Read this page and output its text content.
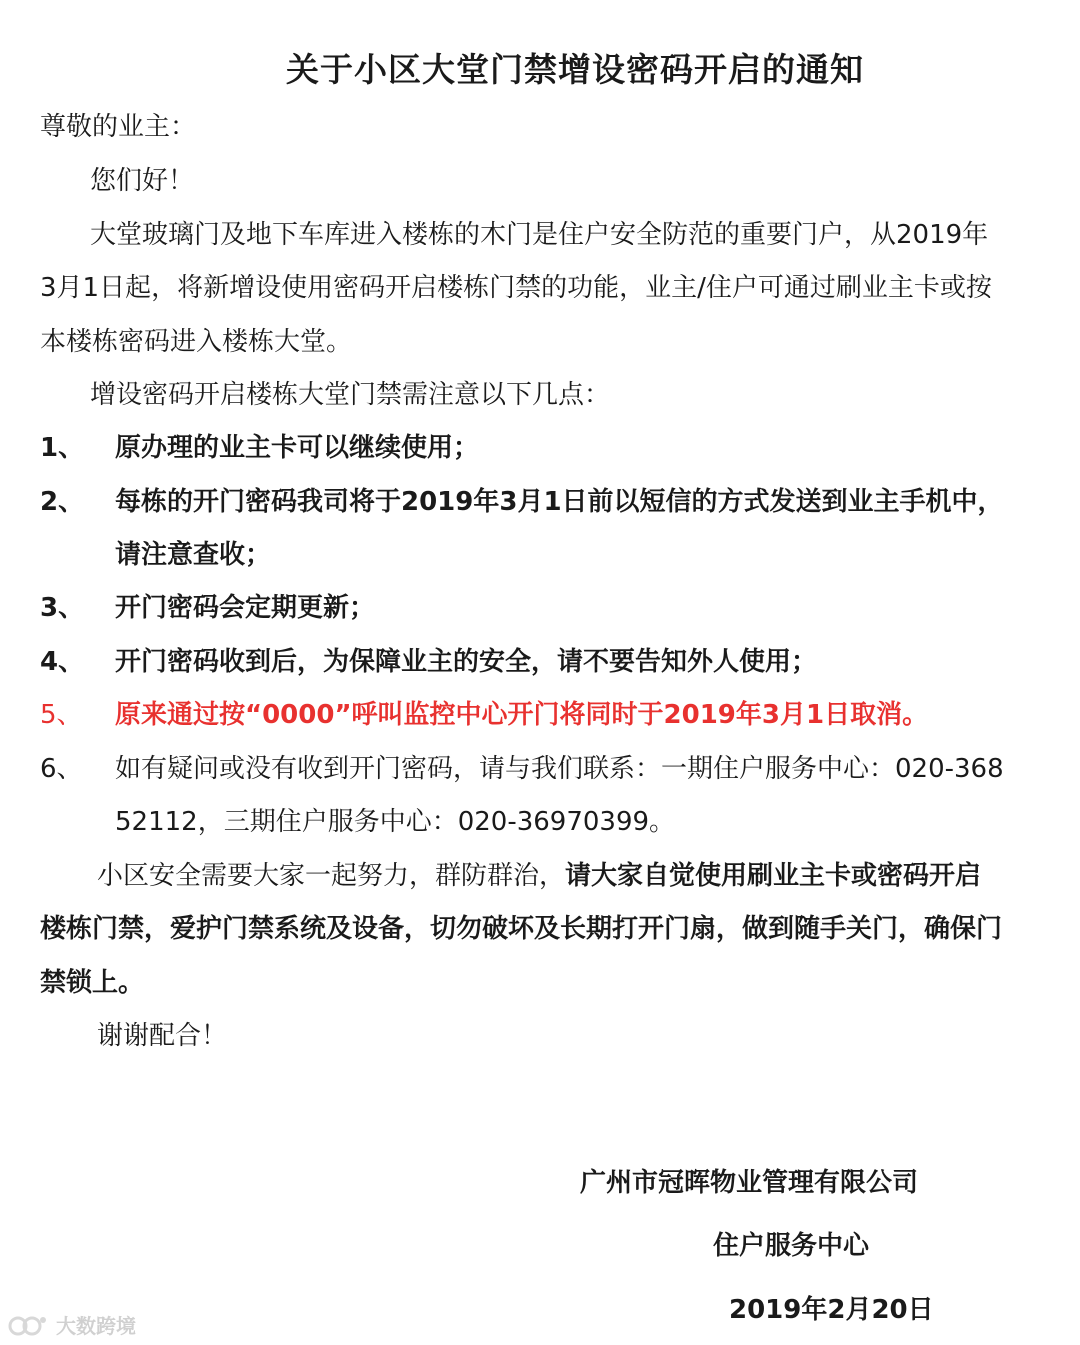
关于小区大堂门禁增设密码开启的通知
尊敬的业主：
您们好！
大堂玻璃门及地下车库进入楼栋的木门是住户安全防范的重要门户，从2019年
3月1日起，将新增设使用密码开启楼栋门禁的功能，业主/住户可通过刷业主卡或按
本楼栋密码进入楼栋大堂。
增设密码开启楼栋大堂门禁需注意以下几点：
1、 原办理的业主卡可以继续使用；
2、 每栋的开门密码我司将于2019年3月1日前以短信的方式发送到业主手机中，
请注意查收；
3、 开门密码会定期更新；
4、 开门密码收到后，为保障业主的安全，请不要告知外人使用；
5、 原来通过按“0000”呼叫监控中心开门将同时于2019年3月1日取消。
6、 如有疑问或没有收到开门密码，请与我们联系：一期住户服务中心：020-368
52112，三期住户服务中心：020-36970399。
小区安全需要大家一起努力，群防群治，请大家自觉使用刷业主卡或密码开启
楼栋门禁，爱护门禁系统及设备，切勿破坏及长期打开门扇，做到随手关门，确保门
禁锁上。
谢谢配合！
广州市冠晖物业管理有限公司
住户服务中心
2019年2月20日
大数跨境
